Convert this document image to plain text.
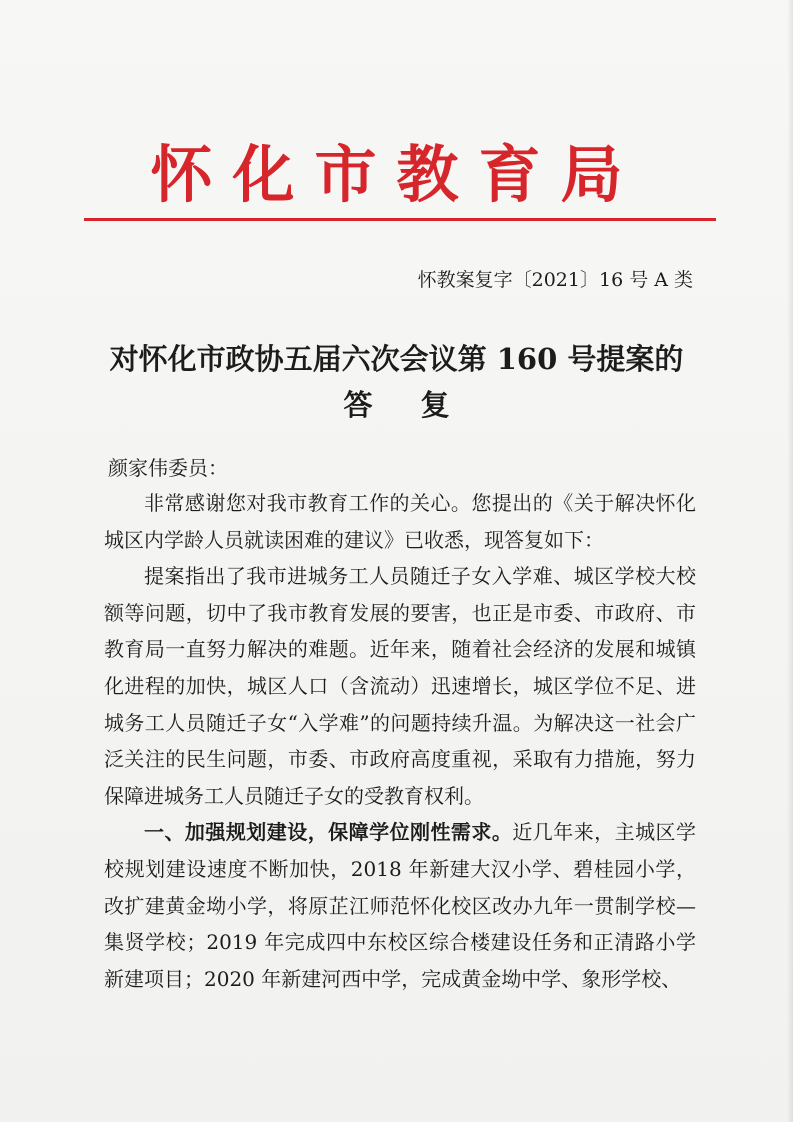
怀化市教育局
怀教案复字〔2021〕16 号 A 类
对怀化市政协五届六次会议第 160 号提案的
答复
颜家伟委员：

非常感谢您对我市教育工作的关心。您提出的《关于解决怀化城区内学龄人员就读困难的建议》已收悉，现答复如下：

提案指出了我市进城务工人员随迁子女入学难、城区学校大校额等问题，切中了我市教育发展的要害，也正是市委、市政府、市教育局一直努力解决的难题。近年来，随着社会经济的发展和城镇化进程的加快，城区人口（含流动）迅速增长，城区学位不足、进城务工人员随迁子女“入学难”的问题持续升温。为解决这一社会广泛关注的民生问题，市委、市政府高度重视，采取有力措施，努力保障进城务工人员随迁子女的受教育权利。

一、加强规划建设，保障学位刚性需求。近几年来，主城区学校规划建设速度不断加快，2018 年新建大汉小学、碧桂园小学，改扩建黄金坳小学，将原芷江师范怀化校区改办九年一贯制学校—集贤学校；2019 年完成四中东校区综合楼建设任务和正清路小学新建项目；2020 年新建河西中学，完成黄金坳中学、象形学校、
